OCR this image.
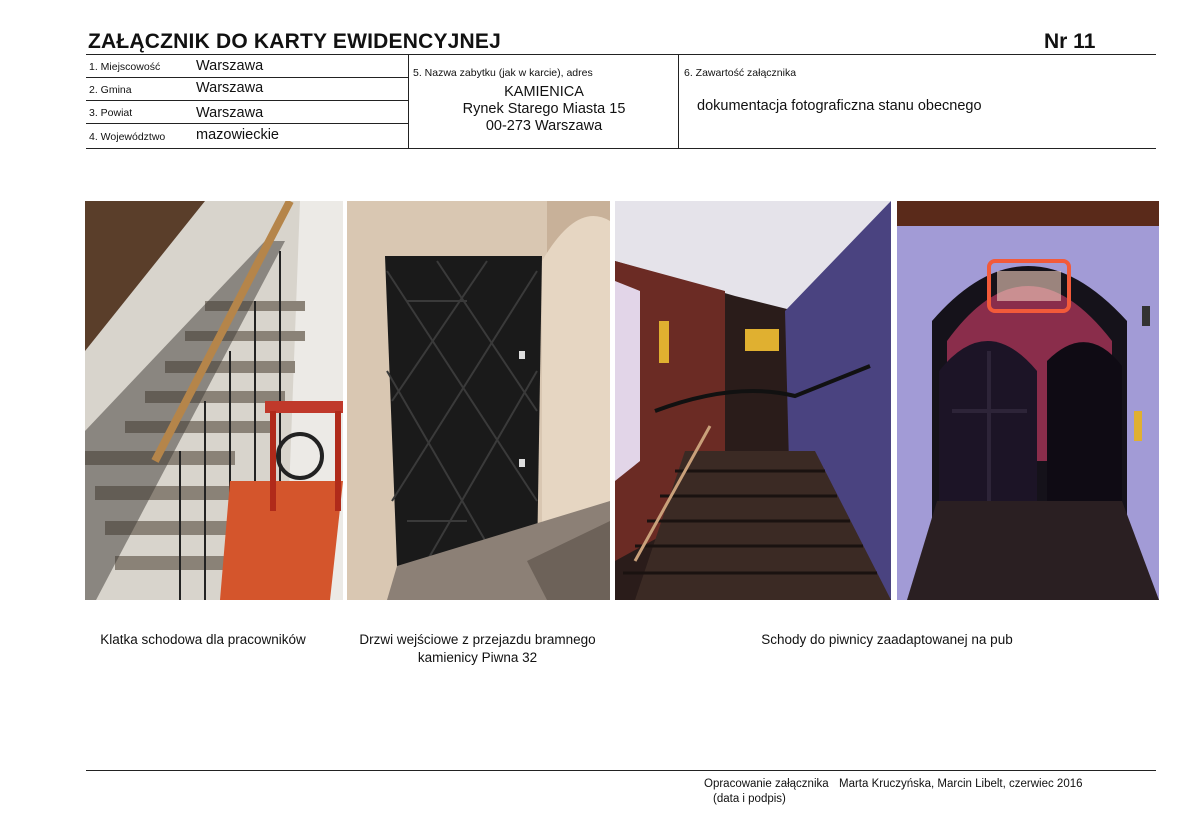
ZAŁĄCZNIK DO KARTY EWIDENCYJNEJ	Nr 11
1. Miejscowość Warszawa
2. Gmina	Warszawa
3. Powiat	Warszawa
4. Województwo mazowieckie
5. Nazwa zabytku (jak w karcie), adres
KAMIENICA
Rynek Starego Miasta 15
00-273 Warszawa
6. Zawartość załącznika
dokumentacja fotograficzna stanu obecnego
Klatka schodowa dla pracowników	Drzwi wejściowe z przejazdu bramnego
kamienicy Piwna 32
Schody do piwnicy zaadaptowanej na pub
Opracowanie załącznika
(data i podpis)
Marta Kruczyńska, Marcin Libelt, czerwiec 2016
